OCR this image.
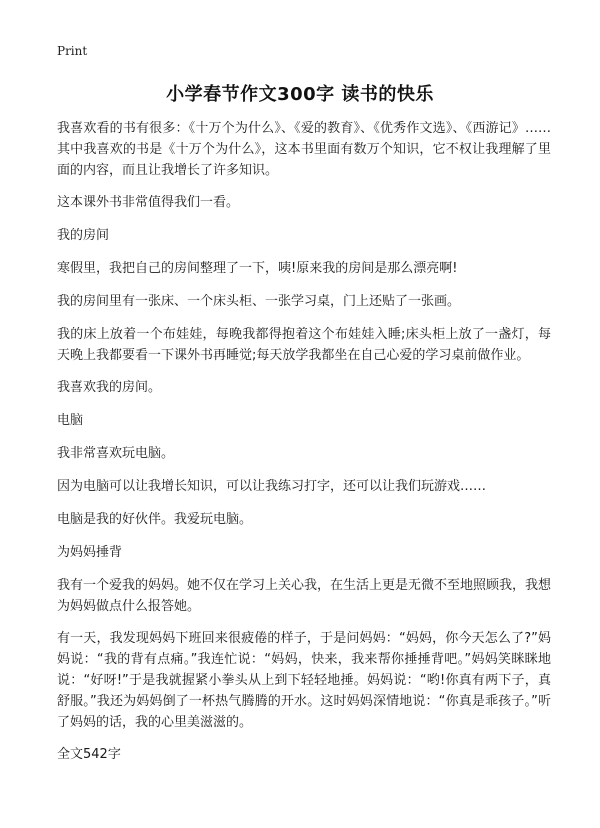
Print
小学春节作文300字 读书的快乐

我喜欢看的书有很多：《十万个为什么》、《爱的教育》、《优秀作文选》、《西游记》……其中我喜欢的书是《十万个为什么》，这本书里面有数万个知识，它不权让我理解了里面的内容，而且让我增长了许多知识。

这本课外书非常值得我们一看。

我的房间

寒假里，我把自己的房间整理了一下，咦!原来我的房间是那么漂亮啊!

我的房间里有一张床、一个床头柜、一张学习桌，门上还贴了一张画。

我的床上放着一个布娃娃，每晚我都得抱着这个布娃娃入睡;床头柜上放了一盏灯，每天晚上我都要看一下课外书再睡觉;每天放学我都坐在自己心爱的学习桌前做作业。

我喜欢我的房间。

电脑

我非常喜欢玩电脑。

因为电脑可以让我增长知识，可以让我练习打字，还可以让我们玩游戏……

电脑是我的好伙伴。我爱玩电脑。

为妈妈捶背

我有一个爱我的妈妈。她不仅在学习上关心我，在生活上更是无微不至地照顾我，我想为妈妈做点什么报答她。

有一天，我发现妈妈下班回来很疲倦的样子，于是问妈妈：“妈妈，你今天怎么了?”妈妈说：“我的背有点痛。”我连忙说：“妈妈，快来，我来帮你捶捶背吧。”妈妈笑眯眯地说：“好呀!”于是我就握紧小拳头从上到下轻轻地捶。妈妈说：“哟!你真有两下子，真舒服。”我还为妈妈倒了一杯热气腾腾的开水。这时妈妈深情地说：“你真是乖孩子。”听了妈妈的话，我的心里美滋滋的。

全文542字
